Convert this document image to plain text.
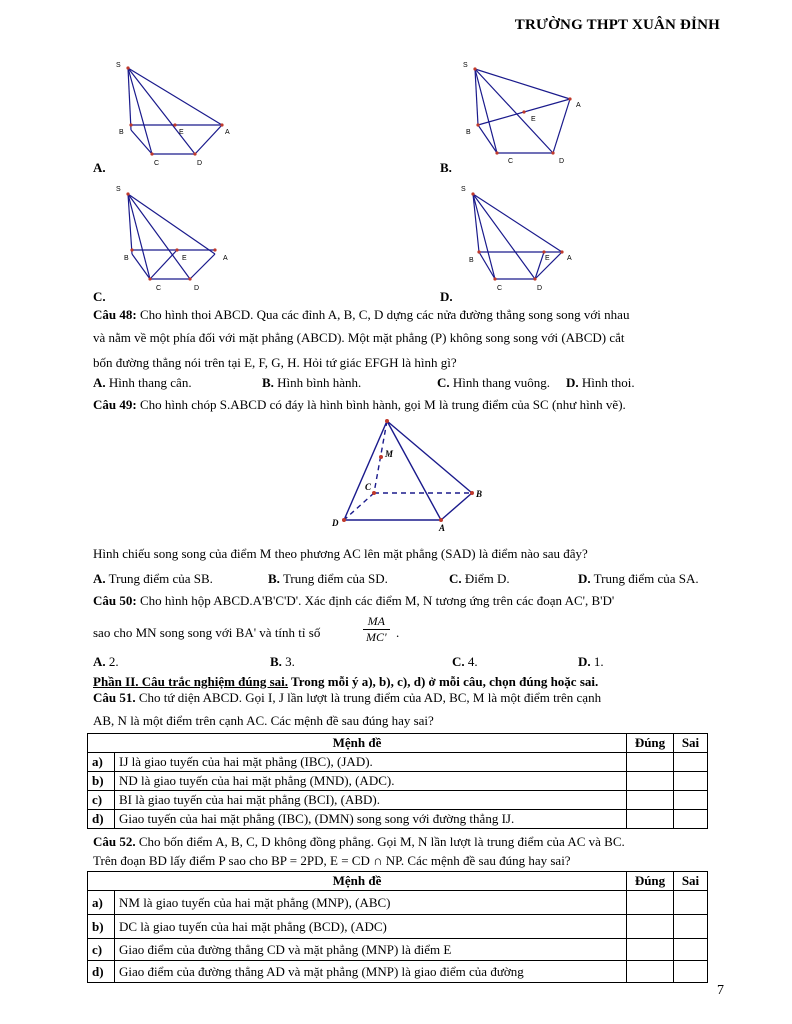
TRƯỜNG THPT XUÂN ĐỈNH
S
B	E	A
C	D
A.
S
B
E
A
C	D
B.
S
B	E	A
C	D
C.
S
B	E A
C	D
D.
Câu 48: Cho hình thoi ABCD. Qua các đỉnh A, B, C, D dựng các nửa đường thẳng song song với nhau
và nằm về một phía đối với mặt phẳng (ABCD). Một mặt phẳng (P) không song song với (ABCD) cắt
bốn đường thẳng nói trên tại E, F, G, H. Hỏi tứ giác EFGH là hình gì?
A. Hình thang cân.	B. Hình bình hành.	C. Hình thang vuông. D. Hình thoi.
Câu 49: Cho hình chóp S.ABCD có đáy là hình bình hành, gọi M là trung điểm của SC (như hình vẽ).
M
C
B
D	A
Hình chiếu song song của điểm M theo phương AC lên mặt phẳng (SAD) là điểm nào sau đây?
A. Trung điểm của SB.	B. Trung điểm của SD.	C. Điểm D.	D. Trung điểm của SA.
Câu 50: Cho hình hộp ABCD.A'B'C'D'. Xác định các điểm M, N tương ứng trên các đoạn AC', B'D'
sao cho MN song song với BA' và tính tỉ số	$\frac{MA}{MC'}$ .
A. 2.	B. 3.	C. 4.	D. 1.
Phần II. Câu trắc nghiệm đúng sai. Trong mỗi ý a), b), c), d) ở mỗi câu, chọn đúng hoặc sai.
Câu 51. Cho tứ diện ABCD. Gọi I, J lần lượt là trung điểm của AD, BC, M là một điểm trên cạnh
AB, N là một điểm trên cạnh AC. Các mệnh đề sau đúng hay sai?
Mệnh đề		Đúng	Sai
a)	IJ là giao tuyến của hai mặt phẳng (IBC), (JAD).		
b)	ND là giao tuyến của hai mặt phẳng (MND), (ADC).		
c)	BI là giao tuyến của hai mặt phẳng (BCI), (ABD).		
d)	Giao tuyến của hai mặt phẳng (IBC), (DMN) song song với đường thẳng IJ.		
Câu 52. Cho bốn điểm A, B, C, D không đồng phẳng. Gọi M, N lần lượt là trung điểm của AC và BC.
Trên đoạn BD lấy điểm P sao cho BP = 2PD, E = CD ∩ NP. Các mệnh đề sau đúng hay sai?
Mệnh đề		Đúng	Sai
a)	NM là giao tuyến của hai mặt phẳng (MNP), (ABC)		
b)	DC là giao tuyến của hai mặt phẳng (BCD), (ADC)		
c)	Giao điểm của đường thẳng CD và mặt phẳng (MNP) là điểm E		
d)	Giao điểm của đường thẳng AD và mặt phẳng (MNP) là giao điểm của đường		
7
